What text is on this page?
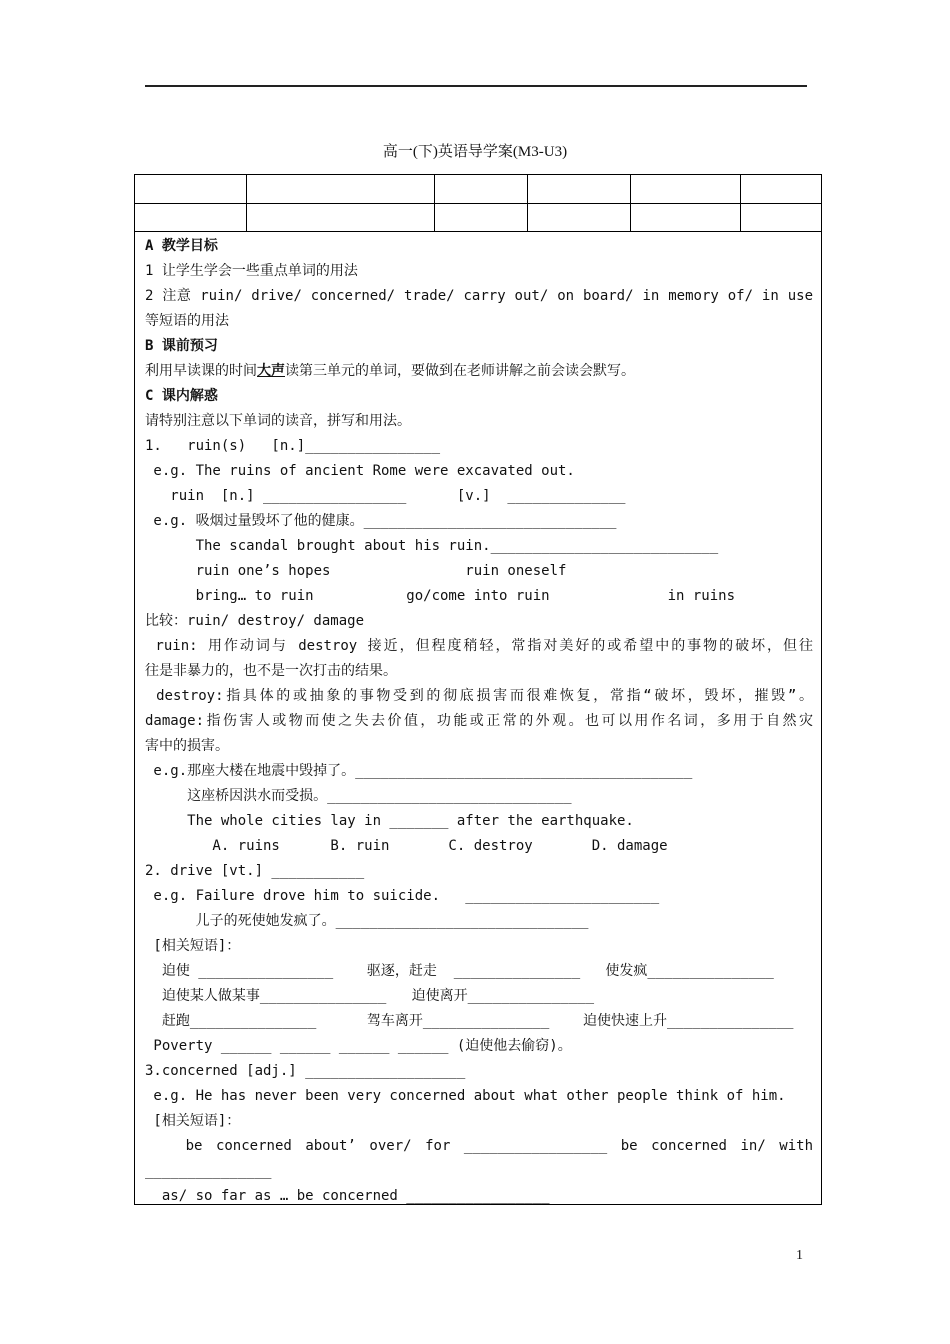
高一(下)英语导学案(M3-U3)
A 教学目标
1 让学生学会一些重点单词的用法
2 注意 ruin/ drive/ concerned/ trade/ carry out/ on board/ in memory of/ in use
等短语的用法
B 课前预习
利用早读课的时间大声读第三单元的单词，要做到在老师讲解之前会读会默写。
C 课内解惑
请特别注意以下单词的读音，拼写和用法。
1.   ruin(s)   [n.]________________
e.g. The ruins of ancient Rome were excavated out.
ruin  [n.] _________________      [v.]  ______________
e.g. 吸烟过量毁坏了他的健康。______________________________
The scandal brought about his ruin.___________________________
ruin one’s hopes                ruin oneself
bring… to ruin           go/come into ruin              in ruins
比较：ruin/ destroy/ damage
ruin: 用作动词与 destroy 接近，但程度稍轻，常指对美好的或希望中的事物的破坏，但往
往是非暴力的，也不是一次打击的结果。
destroy:指具体的或抽象的事物受到的彻底损害而很难恢复，常指“破坏，毁坏，摧毁”。
damage:指伤害人或物而使之失去价值，功能或正常的外观。也可以用作名词，多用于自然灾
害中的损害。
e.g.那座大楼在地震中毁掉了。________________________________________
这座桥因洪水而受损。_____________________________
The whole cities lay in _______ after the earthquake.
A. ruins      B. ruin       C. destroy       D. damage
2. drive [vt.] ___________
e.g. Failure drove him to suicide.   _______________________
儿子的死使她发疯了。______________________________
[相关短语]：
迫使 ________________    驱逐，赶走  _______________   使发疯_______________
迫使某人做某事_______________   迫使离开_______________
赶跑_______________      驾车离开_______________    迫使快速上升_______________
Poverty ______ ______ ______ ______ (迫使他去偷窃)。
3.concerned [adj.] ___________________
e.g. He has never been very concerned about what other people think of him.
[相关短语]：
be concerned about’ over/ for _________________ be concerned in/ with
_______________
as/ so far as … be concerned _________________
1
